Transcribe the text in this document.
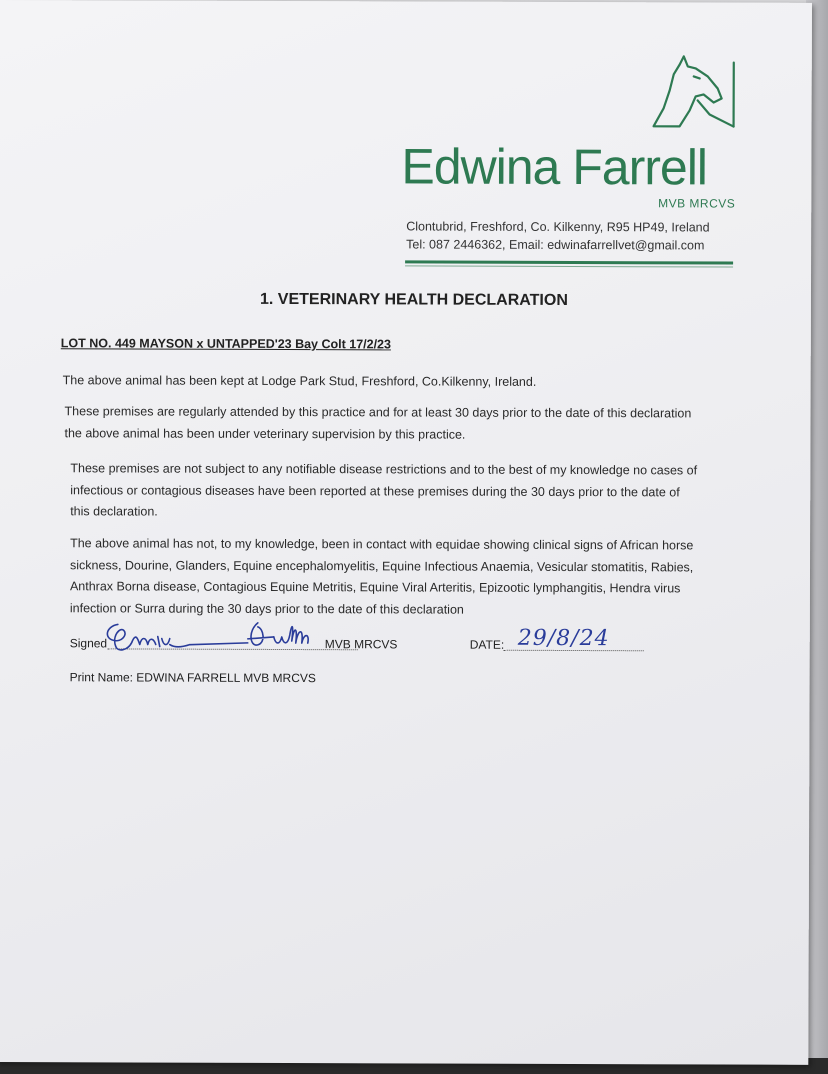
Edwina Farrell
MVB MRCVS
Clontubrid, Freshford, Co. Kilkenny, R95 HP49, Ireland
Tel: 087 2446362, Email: edwinafarrellvet@gmail.com
1. VETERINARY HEALTH DECLARATION
LOT NO. 449 MAYSON x UNTAPPED'23 Bay Colt 17/2/23
The above animal has been kept at Lodge Park Stud, Freshford, Co.Kilkenny, Ireland.
These premises are regularly attended by this practice and for at least 30 days prior to the date of this declaration
the above animal has been under veterinary supervision by this practice.
These premises are not subject to any notifiable disease restrictions and to the best of my knowledge no cases of
infectious or contagious diseases have been reported at these premises during the 30 days prior to the date of
this declaration.
The above animal has not, to my knowledge, been in contact with equidae showing clinical signs of African horse
sickness, Dourine, Glanders, Equine encephalomyelitis, Equine Infectious Anaemia, Vesicular stomatitis, Rabies,
Anthrax Borna disease, Contagious Equine Metritis, Equine Viral Arteritis, Epizootic lymphangitis, Hendra virus
infection or Surra during the 30 days prior to the date of this declaration
Signed	MVB MRCVS	DATE: 29/8/24
Print Name: EDWINA FARRELL MVB MRCVS
